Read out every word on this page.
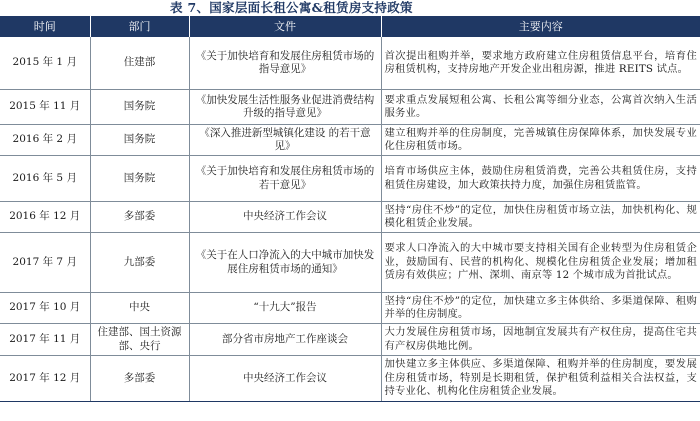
表 7、国家层面长租公寓&租赁房支持政策
时间	部门	文件	主要内容
2015 年 1 月	住建部	《关于加快培育和发展住房租赁市场的指导意见》	首次提出租购并举，要求地方政府建立住房租赁信息平台，培育住房租赁机构，支持房地产开发企业出租房源，推进 REITS 试点。
2015 年 11 月	国务院	《加快发展生活性服务业促进消费结构升级的指导意见》	要求重点发展短租公寓、长租公寓等细分业态，公寓首次纳入生活服务业。
2016 年 2 月	国务院	《深入推进新型城镇化建设 的若干意见》	建立租购并举的住房制度，完善城镇住房保障体系，加快发展专业化住房租赁市场。
2016 年 5 月	国务院	《关于加快培育和发展住房租赁市场的若干意见》	培育市场供应主体，鼓励住房租赁消费，完善公共租赁住房，支持租赁住房建设，加大政策扶持力度，加强住房租赁监管。
2016 年 12 月	多部委	中央经济工作会议	坚持“房住不炒”的定位，加快住房租赁市场立法，加快机构化、规模化租赁企业发展。
2017 年 7 月	九部委	《关于在人口净流入的大中城市加快发展住房租赁市场的通知》	要求人口净流入的大中城市要支持相关国有企业转型为住房租赁企业，鼓励国有、民营的机构化、规模化住房租赁企业发展；增加租赁房有效供应；广州、深圳、南京等 12 个城市成为首批试点。
2017 年 10 月	中央	“十九大”报告	坚持“房住不炒”的定位，加快建立多主体供给、多渠道保障、租购并举的住房制度。
2017 年 11 月	住建部、国土资源部、央行	部分省市房地产工作座谈会	大力发展住房租赁市场，因地制宜发展共有产权住房，提高住宅共有产权房供地比例。
2017 年 12 月	多部委	中央经济工作会议	加快建立多主体供应、多渠道保障、租购并举的住房制度，要发展住房租赁市场，特别是长期租赁，保护租赁利益相关合法权益，支持专业化、机构化住房租赁企业发展。
